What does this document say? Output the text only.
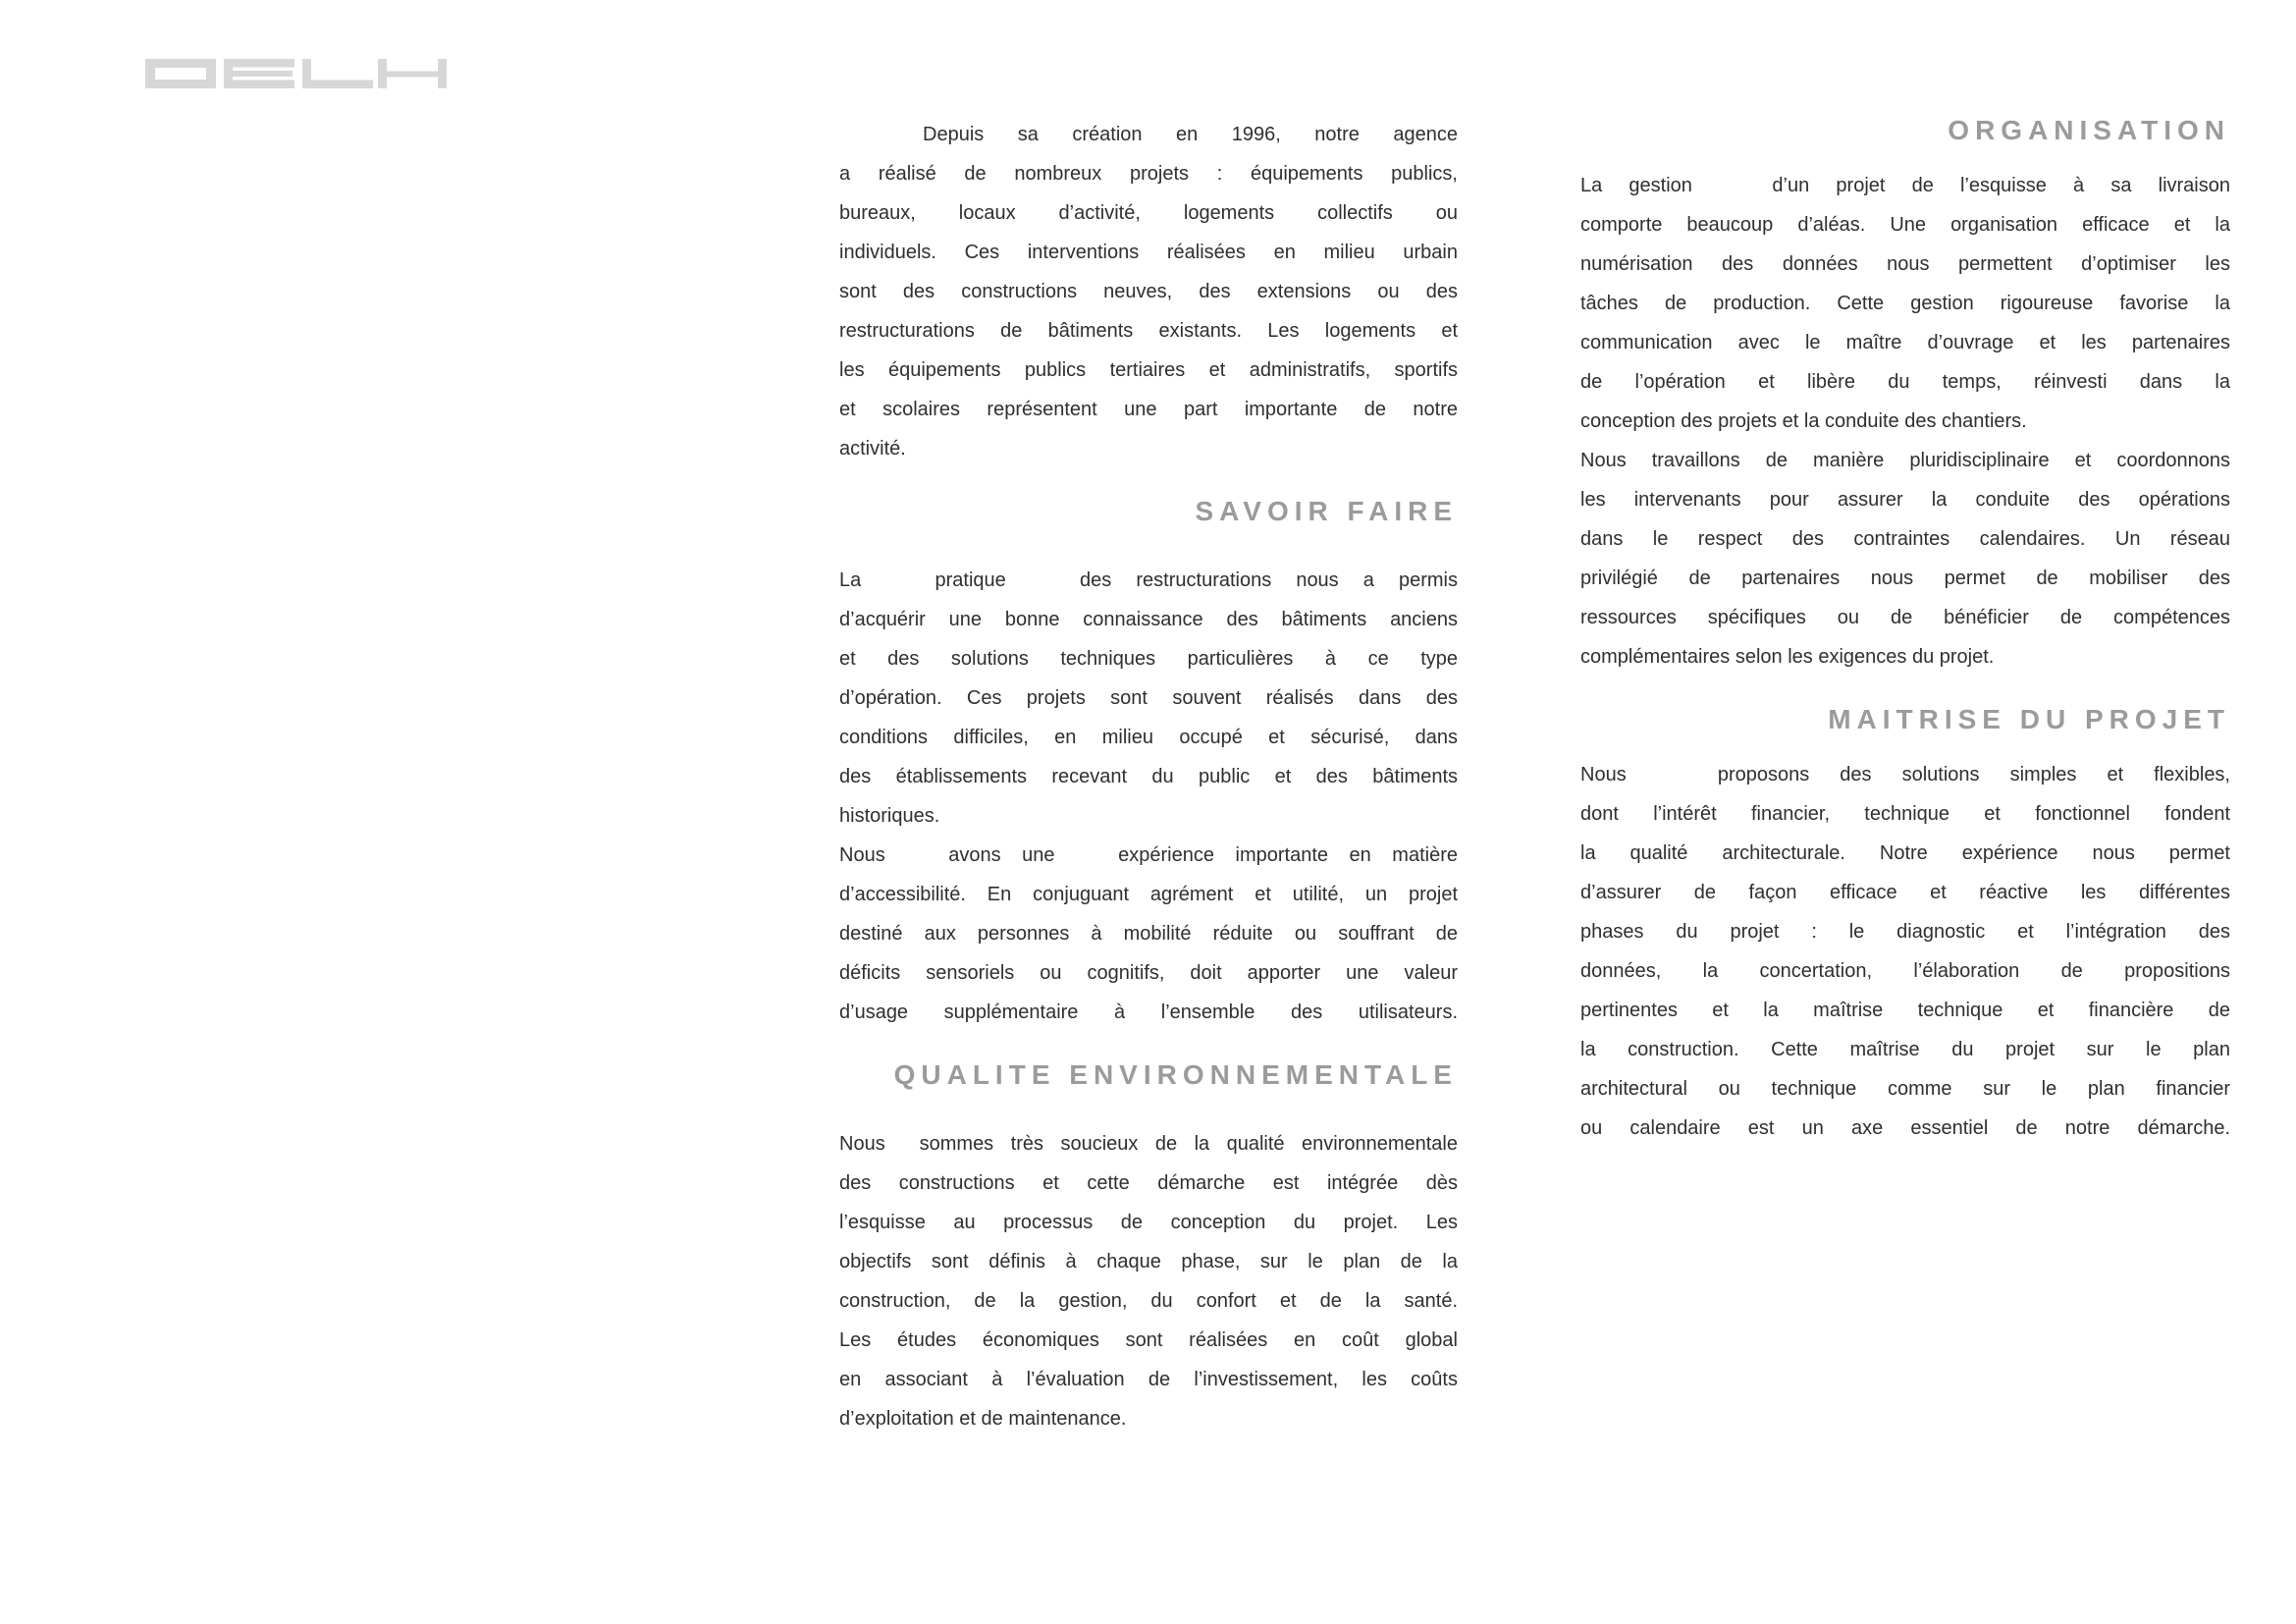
Depuis sa création en 1996, notre agence
a réalisé de nombreux projets : équipements publics,
bureaux, locaux d’activité, logements collectifs ou
individuels. Ces interventions réalisées en milieu urbain
sont des constructions neuves, des extensions ou des
restructurations de bâtiments existants. Les logements et
les équipements publics tertiaires et administratifs, sportifs
et scolaires représentent une part importante de notre
activité.
SAVOIR FAIRE
La   pratique   des restructurations nous a permis
d’acquérir une bonne connaissance des bâtiments anciens
et des solutions techniques particulières à ce type
d’opération. Ces projets sont souvent réalisés dans des
conditions difficiles, en milieu occupé et sécurisé, dans
des établissements recevant du public et des bâtiments
historiques.
Nous   avons une   expérience importante en matière
d’accessibilité. En conjuguant agrément et utilité, un projet
destiné aux personnes à mobilité réduite ou souffrant de
déficits sensoriels ou cognitifs, doit apporter une valeur
d’usage supplémentaire à l’ensemble des utilisateurs.
QUALITE ENVIRONNEMENTALE
Nous  sommes très soucieux de la qualité environnementale
des constructions et cette démarche est intégrée dès
l’esquisse au processus de conception du projet. Les
objectifs sont définis à chaque phase, sur le plan de la
construction, de la gestion, du confort et de la santé.
Les études économiques sont réalisées en coût global
en associant à l’évaluation de l’investissement, les coûts
d’exploitation et de maintenance.
ORGANISATION
La gestion   d’un projet de l’esquisse à sa livraison
comporte beaucoup d’aléas. Une organisation efficace et la
numérisation des données nous permettent d’optimiser les
tâches de production. Cette gestion rigoureuse favorise la
communication avec le maître d’ouvrage et les partenaires
de l’opération et libère du temps, réinvesti dans la
conception des projets et la conduite des chantiers.
Nous travaillons de manière pluridisciplinaire et coordonnons
les intervenants pour assurer la conduite des opérations
dans le respect des contraintes calendaires. Un réseau
privilégié de partenaires nous permet de mobiliser des
ressources spécifiques ou de bénéficier de compétences
complémentaires selon les exigences du projet.
MAITRISE DU PROJET
Nous   proposons des solutions simples et flexibles,
dont l’intérêt financier, technique et fonctionnel fondent
la qualité architecturale. Notre expérience nous permet
d’assurer de façon efficace et réactive les différentes
phases du projet : le diagnostic et l’intégration des
données, la concertation, l’élaboration de propositions
pertinentes et la maîtrise technique et financière de
la construction. Cette maîtrise du projet sur le plan
architectural ou technique comme sur le plan financier
ou calendaire est un axe essentiel de notre démarche.
